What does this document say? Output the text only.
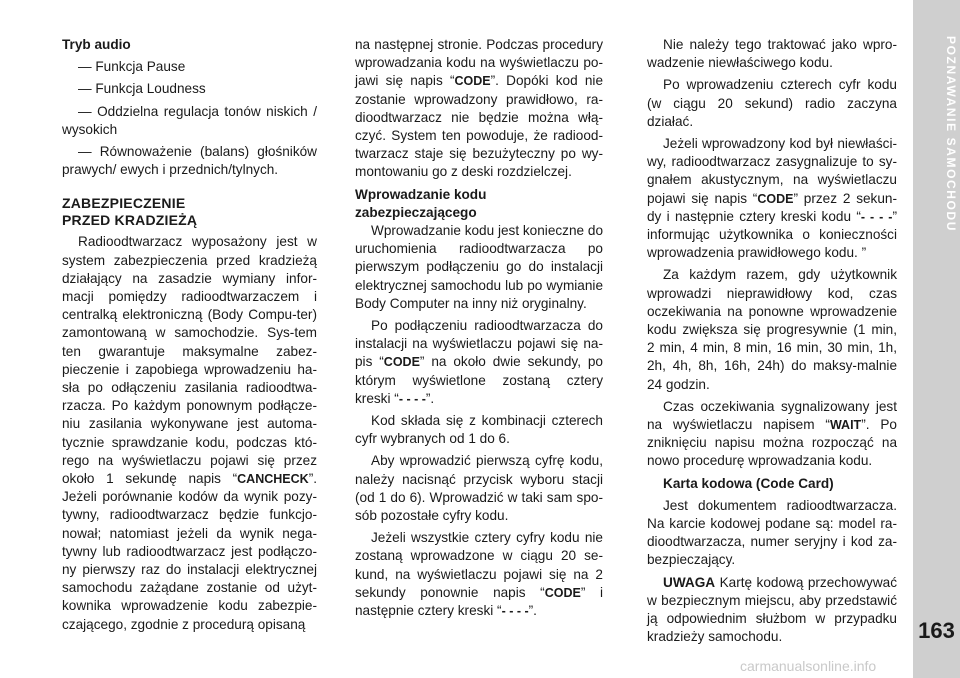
POZNAWANIE SAMOCHODU
163

Tryb audio

— Funkcja Pause

— Funkcja Loudness

— Oddzielna regulacja tonów niskich / wysokich

— Równoważenie (balans) głośników prawych/ ewych i przednich/tylnych.

ZABEZPIECZENIE
PRZED KRADZIEŻĄ

Radioodtwarzacz wyposażony jest w system zabezpieczenia przed kradzieżą działający na zasadzie wymiany infor-macji pomiędzy radioodtwarzaczem i centralką elektroniczną (Body Compu-ter) zamontowaną w samochodzie. Sys-tem ten gwarantuje maksymalne zabez-pieczenie i zapobiega wprowadzeniu ha-sła po odłączeniu zasilania radioodtwa-rzacza. Po każdym ponownym podłącze-niu zasilania wykonywane jest automa-tycznie sprawdzanie kodu, podczas któ-rego na wyświetlaczu pojawi się przez około 1 sekundę napis “CANCHECK”. Jeżeli porównanie kodów da wynik pozy-tywny, radioodtwarzacz będzie funkcjo-nował; natomiast jeżeli da wynik nega-tywny lub radioodtwarzacz jest podłączo-ny pierwszy raz do instalacji elektrycznej samochodu zażądane zostanie od użyt-kownika wprowadzenie kodu zabezpie-czającego, zgodnie z procedurą opisaną

na następnej stronie. Podczas procedury wprowadzania kodu na wyświetlaczu po-jawi się napis “CODE”. Dopóki kod nie zostanie wprowadzony prawidłowo, ra-dioodtwarzacz nie będzie można włą-czyć. System ten powoduje, że radiood-twarzacz staje się bezużyteczny po wy-montowaniu go z deski rozdzielczej.

Wprowadzanie kodu
zabezpieczającego

Wprowadzanie kodu jest konieczne do uruchomienia radioodtwarzacza po pierwszym podłączeniu go do instalacji elektrycznej samochodu lub po wymianie Body Computer na inny niż oryginalny.

Po podłączeniu radioodtwarzacza do instalacji na wyświetlaczu pojawi się na-pis “CODE” na około dwie sekundy, po którym wyświetlone zostaną cztery kreski “- - - -”.

Kod składa się z kombinacji czterech cyfr wybranych od 1 do 6.

Aby wprowadzić pierwszą cyfrę kodu, należy nacisnąć przycisk wyboru stacji (od 1 do 6). Wprowadzić w taki sam spo-sób pozostałe cyfry kodu.

Jeżeli wszystkie cztery cyfry kodu nie zostaną wprowadzone w ciągu 20 se-kund, na wyświetlaczu pojawi się na 2 sekundy ponownie napis “CODE” i następnie cztery kreski “- - - -”.

Nie należy tego traktować jako wpro-wadzenie niewłaściwego kodu.

Po wprowadzeniu czterech cyfr kodu (w ciągu 20 sekund) radio zaczyna działać.

Jeżeli wprowadzony kod był niewłaści-wy, radioodtwarzacz zasygnalizuje to sy-gnałem akustycznym, na wyświetlaczu pojawi się napis “CODE” przez 2 sekun-dy i następnie cztery kreski kodu “- - - -” informując użytkownika o konieczności wprowadzenia prawidłowego kodu. ”

Za każdym razem, gdy użytkownik wprowadzi nieprawidłowy kod, czas oczekiwania na ponowne wprowadzenie kodu zwiększa się progresywnie (1 min, 2 min, 4 min, 8 min, 16 min, 30 min, 1h, 2h, 4h, 8h, 16h, 24h) do maksy-malnie 24 godzin.

Czas oczekiwania sygnalizowany jest na wyświetlaczu napisem “WAIT”. Po zniknięciu napisu można rozpocząć na nowo procedurę wprowadzania kodu.

Karta kodowa (Code Card)

Jest dokumentem radioodtwarzacza. Na karcie kodowej podane są: model ra-dioodtwarzacza, numer seryjny i kod za-bezpieczający.

UWAGA Kartę kodową przechowywać w bezpiecznym miejscu, aby przedstawić ją odpowiednim służbom w przypadku kradzieży samochodu.

carmanualsonline.info
